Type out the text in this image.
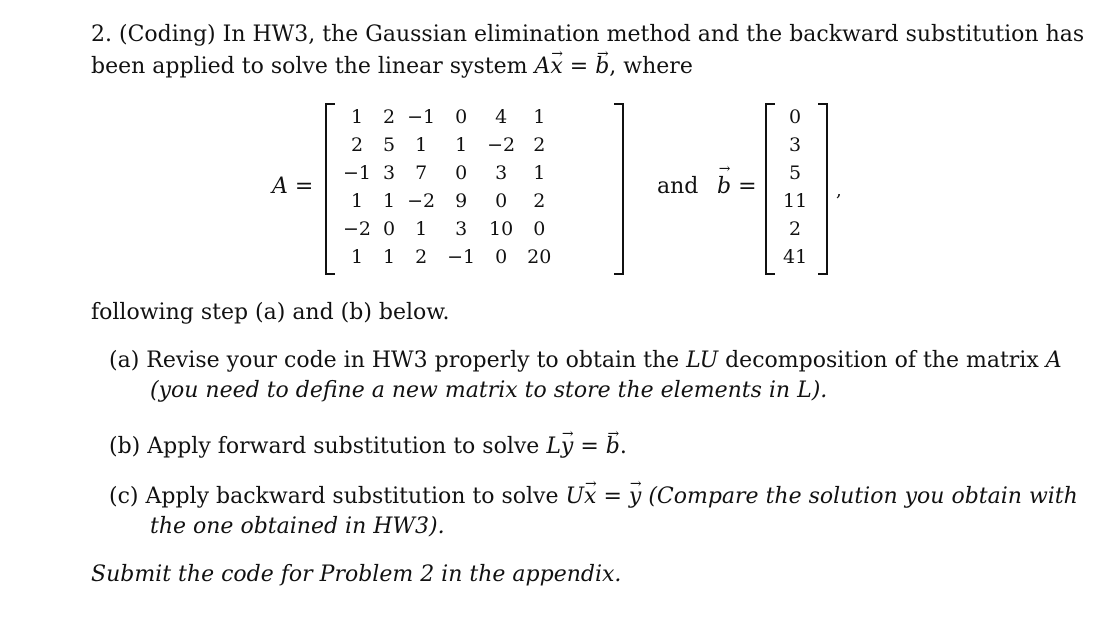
2. (Coding) In HW3, the Gaussian elimination method and the backward substitution has
been applied to solve the linear system Ax → = b →, where
A =
1	2	−1	0	4	1
2	5	1	1	−2	2
−1	3	7	0	3	1
1	1	−2	9	0	2
−2	0	1	3	10	0
1	1	2	−1	0	20
and b → =
0
3
5
11
2
41
,
following step (a) and (b) below.
(a) Revise your code in HW3 properly to obtain the LU decomposition of the matrix A
(you need to define a new matrix to store the elements in L).
(b) Apply forward substitution to solve Ly → = b →.
(c) Apply backward substitution to solve Ux → = y → (Compare the solution you obtain with
the one obtained in HW3).
Submit the code for Problem 2 in the appendix.
